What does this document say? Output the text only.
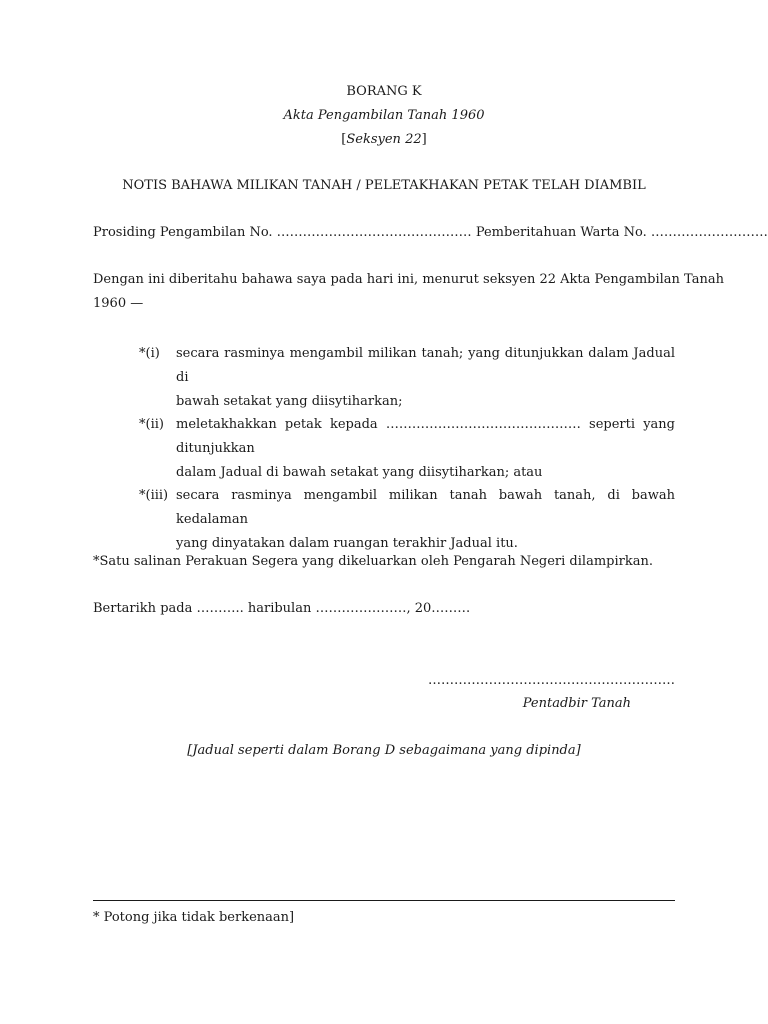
BORANG K
Akta Pengambilan Tanah 1960
[Seksyen 22]
NOTIS BAHAWA MILIKAN TANAH / PELETAKHAKAN PETAK TELAH DIAMBIL
Prosiding Pengambilan No. ……………………………………… Pemberitahuan Warta No. ………………………
Dengan ini diberitahu bahawa saya pada hari ini, menurut seksyen 22 Akta Pengambilan Tanah
1960 —
*(i) secara rasminya mengambil milikan tanah; yang ditunjukkan dalam Jadual di
bawah setakat yang diisytiharkan;
*(ii) meletakhakkan petak kepada ……………………………………… seperti yang ditunjukkan
dalam Jadual di bawah setakat yang diisytiharkan; atau
*(iii) secara rasminya mengambil milikan tanah bawah tanah, di bawah kedalaman
yang dinyatakan dalam ruangan terakhir Jadual itu.
*Satu salinan Perakuan Segera yang dikeluarkan oleh Pengarah Negeri dilampirkan.
Bertarikh pada ……….. haribulan …………………, 20………
…………………………………………………
Pentadbir Tanah
[Jadual seperti dalam Borang D sebagaimana yang dipinda]
* Potong jika tidak berkenaan]
